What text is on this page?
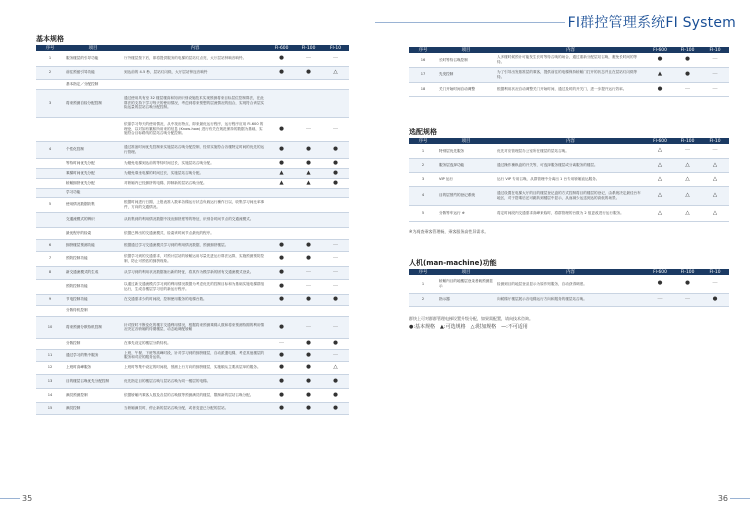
基本规格
序号	项目	内容	FI-600	FI-100	FI-10
1	服务楼层的引导功能	厅外楼层按下后，即将提供服务的电梯的层站灯点亮，大厅层站钟响音响铃。	●	—	—
2	前往预留引导功能	到达前的 4.5 秒，层站灯闪烁，大厅层站钟连音响铃	●	●	△
	基本指定／分配控制				
3	将来预测自检分配控制	通过使用具有至 32 楼层楼高和知识识别设施技术实现预测将来目标层位控制算法，在此算法的支持下学习每天的使用情况，考虑到将来预想的层流情况的组合，实现符合该层实际运量的层站召唤分配控制。			
		依靠学习每天的使用情况，从中找出特点，即来最优运行程序，运行程序应用 FI-600 的理论，以对如有累积所用来的信息 (Know-how) 进行有关在规范保持的数据为基础，实施符合目标路线的层站召唤分配控制。	●	—	—
4	个性化控制	通过准备时间优先控制来实施层站召唤分配控制，经常实施符合各楼特定时间的优先的运行管理。	●	●	●
	等待时间优先分配	为避免电梯到达前的等待时间过长，实施层站召唤分配。	●	●	●
	乘梯时间优先分配	为避免乘坐电梯的时间过长，实施层站召唤分配。	▲	▲	●
	轿厢拥挤优先分配	对轿厢内已经拥挤的电梯，抑制新的层站召唤分配。	▲	▲	●
	学习功能				
5	使用情况数据收集	根据时间进行日期，上报表准入数率各梯运行状态负载运行操作日以，收集学习间比率事件，方向的交通情况。			
	交通流模式的辨识	从收集到的利用情况数据中找出拥挤度等的特征，识别各时间节点的交通流模式。			
	最优程序的检索	依据已辨出的交通流模式，检索该时间节点最优的程序。			
6	拥挤楼层预测功能	根据通过学习交通流模式学习到的利用情况数据，预测拥挤楼层。	●	●	—
7	预防控制功能	依据学习到的交通需求，对预计层站的轿厢运用尽量先进运行算法运算，实施预测预防控制，防止可预估的拥挤现象。	●	●	—
8	新交通流模式的生成	从学习到的利用状况数据抽出新的特征，将其作为模学新的固有交通流模式登录。	●	—	—
	预防控制功能	以通过新交通流模式学习到的利用情况数据为考虑优先的控制目标和为基础实施电梯群组运行，生成各楼层学习后的新运行程序。	●	—	—
9	节电控制功能	在交通需求少的时间段，控制使用服务的电梯台数。	●	●	●
	分散待机控制				
10	将来预测分散待机控制	针对按时不断变化的楼宇交通利用情况，根据将来预测乘梯人数和将来预测待期的利用情况决定各轿厢的待期楼层，动态地调配轿厢	●	—	—
	分散控制	在事先设定的楼层分散待机。	—	●	●
11	通过学习的集中服务	上班、午餐、下班等高峰时段，针对学习到的拥挤楼层，自动派遣电梯，考虑其他楼层的服务和对应的服务运转。	●	●	—
12	上班时高峰服务	上班时等集中设定的时间段，预测上行方向的拥挤楼层，实施顺从主要高层单的服务。	●	●	△
13	目的楼层召唤优先分配控制	优先指定目的楼层召唤与层站召唤为同一楼层的电梯。	●	●	●
14	满员预测控制	依据轿厢内乘客人数及各层的召唤数等预测满员的楼层，限制新的层站召唤分配。	●	●	●
15	满员控制	当轿厢满员时，停止新的层站召唤分配，或者变更已分配的层站。	●	●	●
35
FI群控管理系统FI System
序号	项目	内容	FI-600	FI-100	FI-10
16	长时等待召唤控制	人多楼时候预计可能发生长时等待召唤的场合，通过重新分配层站召唤，避免长时间的等待。	●	●	—
17	先发控制	为了引导出发基准层的乘客，提供前往的电梯保持轿厢门打开的状态并且在层站灯闪烁等待。	▲	●	—
18	关门开始时间自动调整	根据利用状况自动调整关门开始时间，通过及时的开关门，进一步提升运行效率。	●	—	—
选配规格
序号	项目	内容	FI-600	FI-100	FI-10
1	特别层优先服务	优先对应管理层办公室所在楼层的层站召唤。	△	—	—
2	服务层选择功能	通过操作操纵盘的开关等，可选择服务楼层或分离服务的楼层。	△	△	△
3	VIP 运行	运行 VIP 专用召唤，从群管理中分离出 1 台专用轿厢直运服务。	△	△	△
4	目的层预约的登记系统	通过设置在电梯大厅的目的楼层登记盘的方式控制将目的楼层的登记，由系统决定最佳台车地区，对于搭乘后还可跳转到楼层中显示，从而减少运送到达的高低的场景。	△	△	△
5	分散等车运行 ※	将定时间段内交通需求高峰来临时，将群管理的台数为 2 组更改进行运行服务。	△	△	△
※为凋查乘客管理畅，乘客服务高性异需求。
人机(man-machine)功能
序号	项目	内容	FI-600	FI-100	FI-10
1	轿厢内目的地楼层登录者载预测显示	检测到目的地层登录显示为原作则服务，自动获得调度。	●	●	—
2	指示器	向候梯厅楼层展示各电梯运行方向和服务的楼层站召唤。	—	—	●
群快上可对群群管理电梯设置升级分配，如果需配置，请向技术咨询。
●:基本规格　▲:可选规格　△:附加规格　—:不可适用
36
